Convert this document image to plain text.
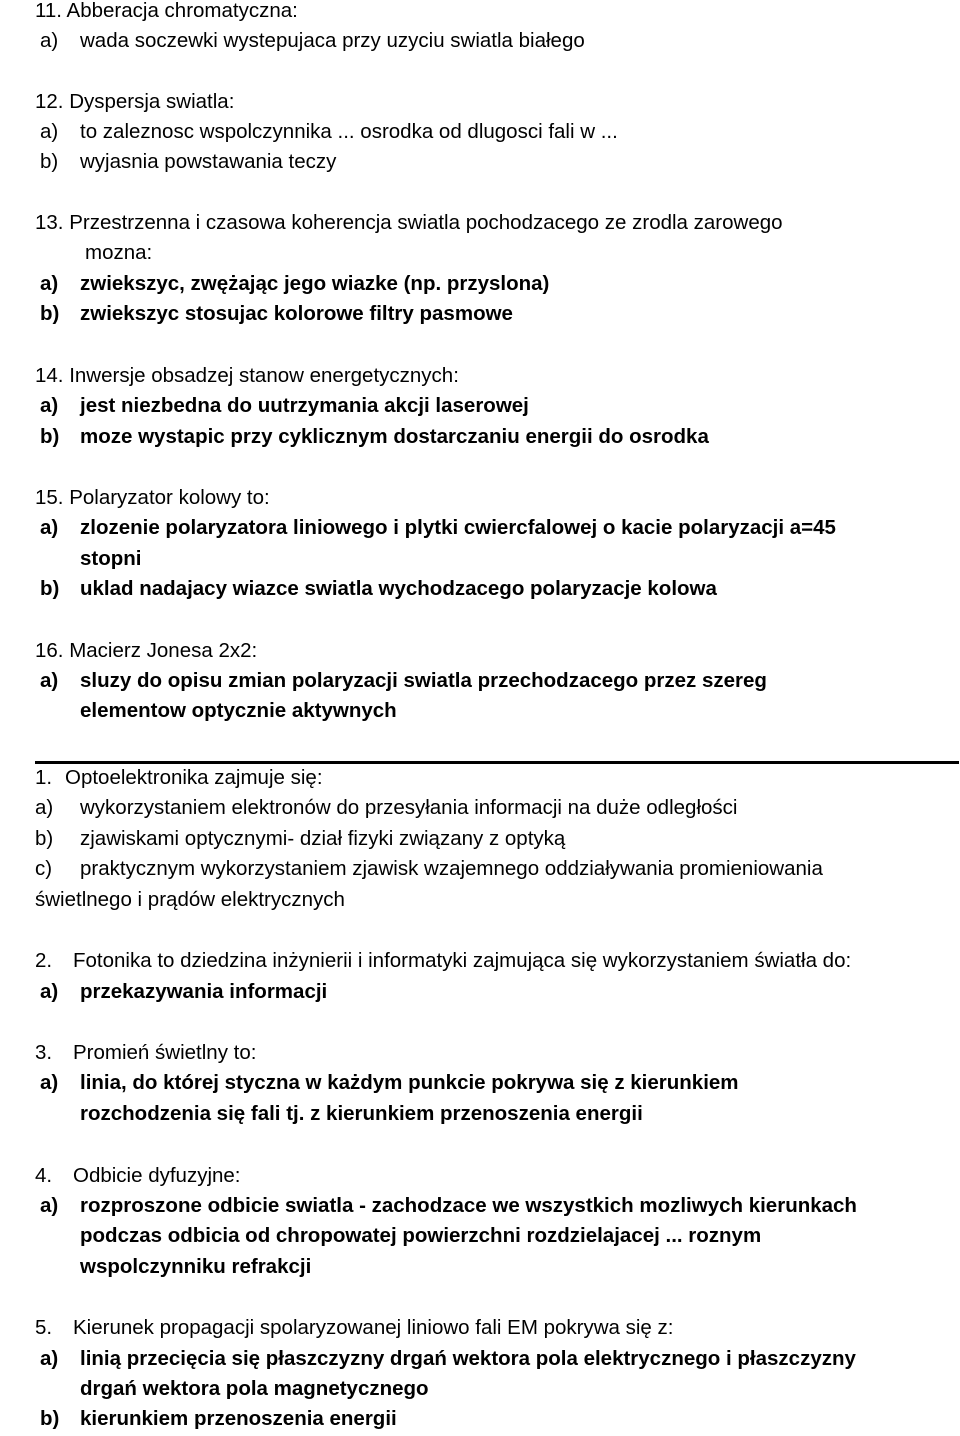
11. Abberacja chromatyczna:
a) wada soczewki wystepujaca przy uzyciu swiatla białego
12. Dyspersja swiatla:
a) to zaleznosc wspolczynnika ... osrodka od dlugosci fali w ...
b) wyjasnia powstawania teczy
13. Przestrzenna i czasowa koherencja swiatla pochodzacego ze zrodla zarowego
mozna:
a) zwiekszyc, zwężając jego wiazke (np. przyslona)
b) zwiekszyc stosujac kolorowe filtry pasmowe
14. Inwersje obsadzej stanow energetycznych:
a) jest niezbedna do uutrzymania akcji laserowej
b) moze wystapic przy cyklicznym dostarczaniu energii do osrodka
15. Polaryzator kolowy to:
a) zlozenie polaryzatora liniowego i plytki cwiercfalowej o kacie polaryzacji a=45
stopni
b) uklad nadajacy wiazce swiatla wychodzacego polaryzacje kolowa
16. Macierz Jonesa 2x2:
a) sluzy do opisu zmian polaryzacji swiatla przechodzacego przez szereg
elementow optycznie aktywnych
1. Optoelektronika zajmuje się:
a) wykorzystaniem elektronów do przesyłania informacji na duże odległości
b) zjawiskami optycznymi- dział fizyki związany z optyką
c) praktycznym wykorzystaniem zjawisk wzajemnego oddziaływania promieniowania
świetlnego i prądów elektrycznych
2. Fotonika to dziedzina inżynierii i informatyki zajmująca się wykorzystaniem światła do:
a) przekazywania informacji
3. Promień świetlny to:
a) linia, do której styczna w każdym punkcie pokrywa się z kierunkiem
rozchodzenia się fali tj. z kierunkiem przenoszenia energii
4. Odbicie dyfuzyjne:
a) rozproszone odbicie swiatla - zachodzace we wszystkich mozliwych kierunkach
podczas odbicia od chropowatej powierzchni rozdzielajacej ... roznym
wspolczynniku refrakcji
5. Kierunek propagacji spolaryzowanej liniowo fali EM pokrywa się z:
a) linią przecięcia się płaszczyzny drgań wektora pola elektrycznego i płaszczyzny
drgań wektora pola magnetycznego
b) kierunkiem przenoszenia energii
